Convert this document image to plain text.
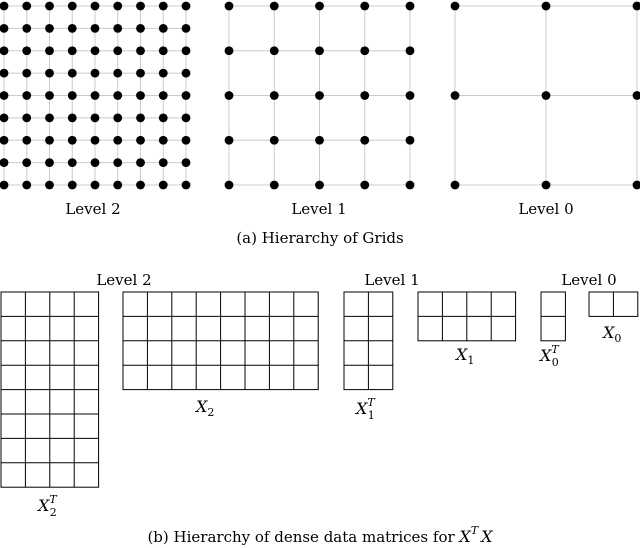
Level 2	Level 1	Level 0
(a) Hierarchy of Grids
Level 2	Level 1	Level 0
$X^T$ 2
$X_2$	$X^T$ 1
$X_1$	$X^T$ 0
$X_0$
(b) Hierarchy of dense data matrices for $X^T$ X
